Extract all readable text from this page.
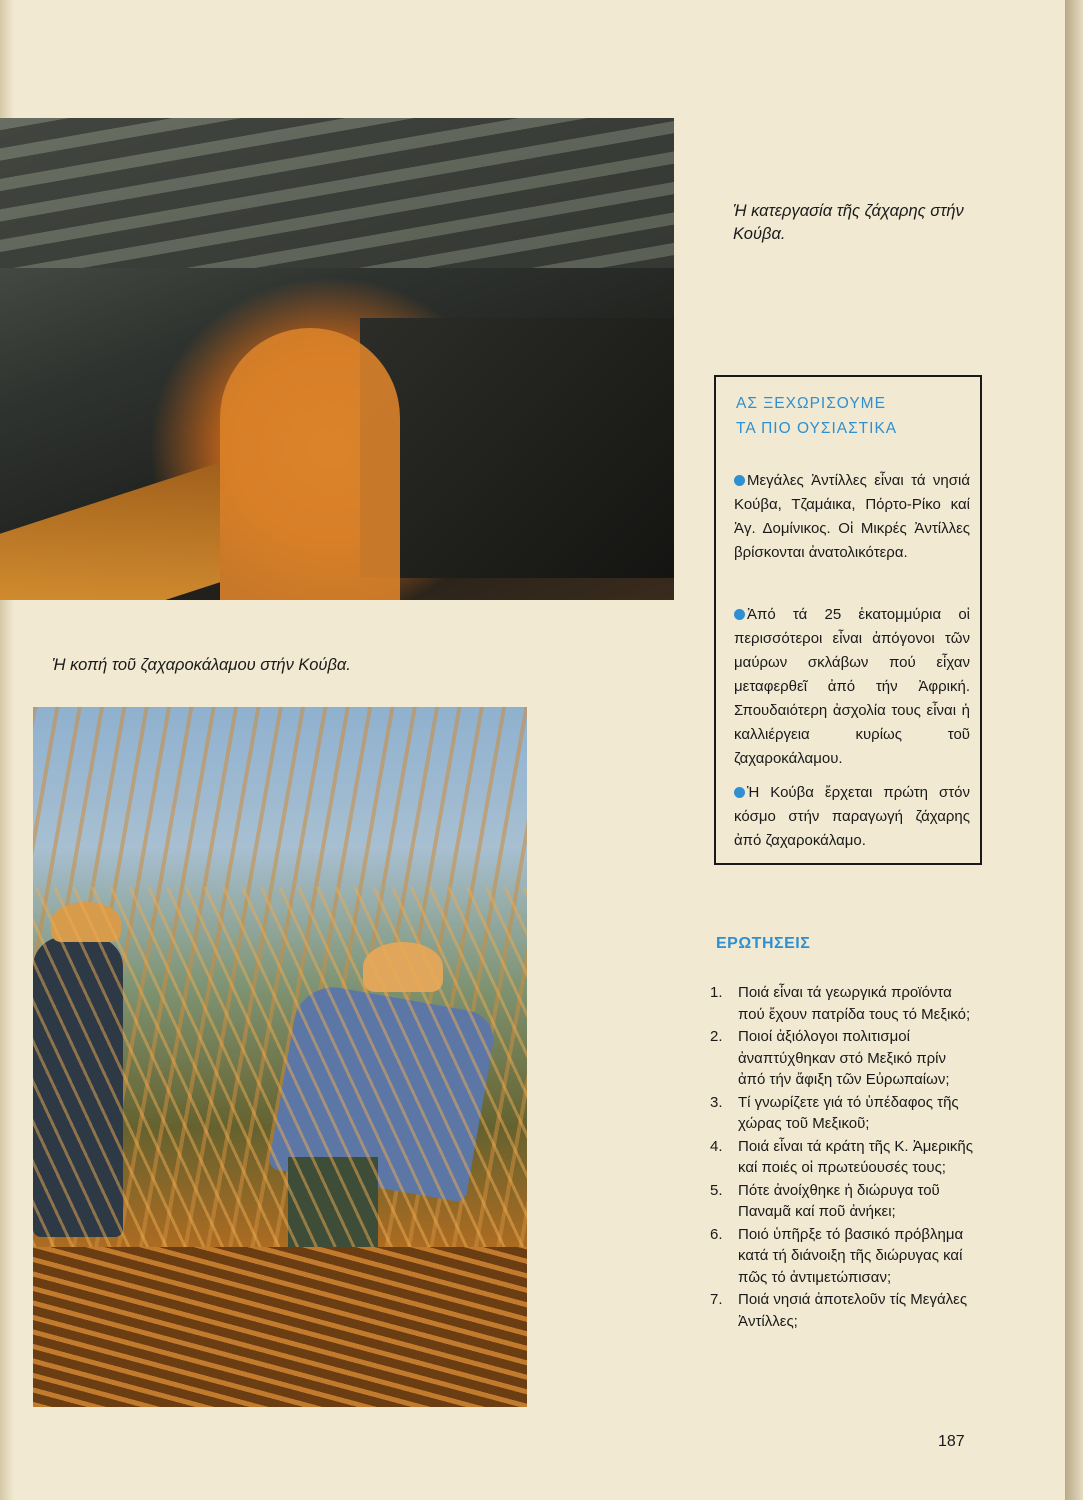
Ἡ κατεργασία τῆς ζάχαρης στήν Κούβα.
Ἡ κοπή τοῦ ζαχαροκάλαμου στήν Κούβα.
ΑΣ ΞΕΧΩΡΙΣΟΥΜΕ
ΤΑ ΠΙΟ ΟΥΣΙΑΣΤΙΚΑ
Μεγάλες Ἀντίλλες εἶναι τά νησιά Κούβα, Τζαμάικα, Πόρτο-Ρίκο καί Ἁγ. Δομίνικος. Οἱ Μικρές Ἀντίλλες βρίσκονται ἀνατολικότερα.
Ἀπό τά 25 ἑκατομμύρια οἱ περισσότεροι εἶναι ἀπόγονοι τῶν μαύρων σκλάβων πού εἶχαν μεταφερθεῖ ἀπό τήν Ἀφρική. Σπουδαιότερη ἀσχολία τους εἶναι ἡ καλλιέργεια κυρίως τοῦ ζαχαροκάλαμου.
Ἡ Κούβα ἔρχεται πρώτη στόν κόσμο στήν παραγωγή ζάχαρης ἀπό ζαχαροκάλαμο.
ΕΡΩΤΗΣΕΙΣ
1. Ποιά εἶναι τά γεωργικά προϊόντα πού ἔχουν πατρίδα τους τό Μεξικό;
2. Ποιοί ἀξιόλογοι πολιτισμοί ἀναπτύχθηκαν στό Μεξικό πρίν ἀπό τήν ἄφιξη τῶν Εὐρωπαίων;
3. Τί γνωρίζετε γιά τό ὑπέδαφος τῆς χώρας τοῦ Μεξικοῦ;
4. Ποιά εἶναι τά κράτη τῆς Κ. Ἀμερικῆς καί ποιές οἱ πρωτεύουσές τους;
5. Πότε ἀνοίχθηκε ἡ διώρυγα τοῦ Παναμᾶ καί ποῦ ἀνήκει;
6. Ποιό ὑπῆρξε τό βασικό πρόβλημα κατά τή διάνοιξη τῆς διώρυγας καί πῶς τό ἀντιμετώπισαν;
7. Ποιά νησιά ἀποτελοῦν τίς Μεγάλες Ἀντίλλες;
187
